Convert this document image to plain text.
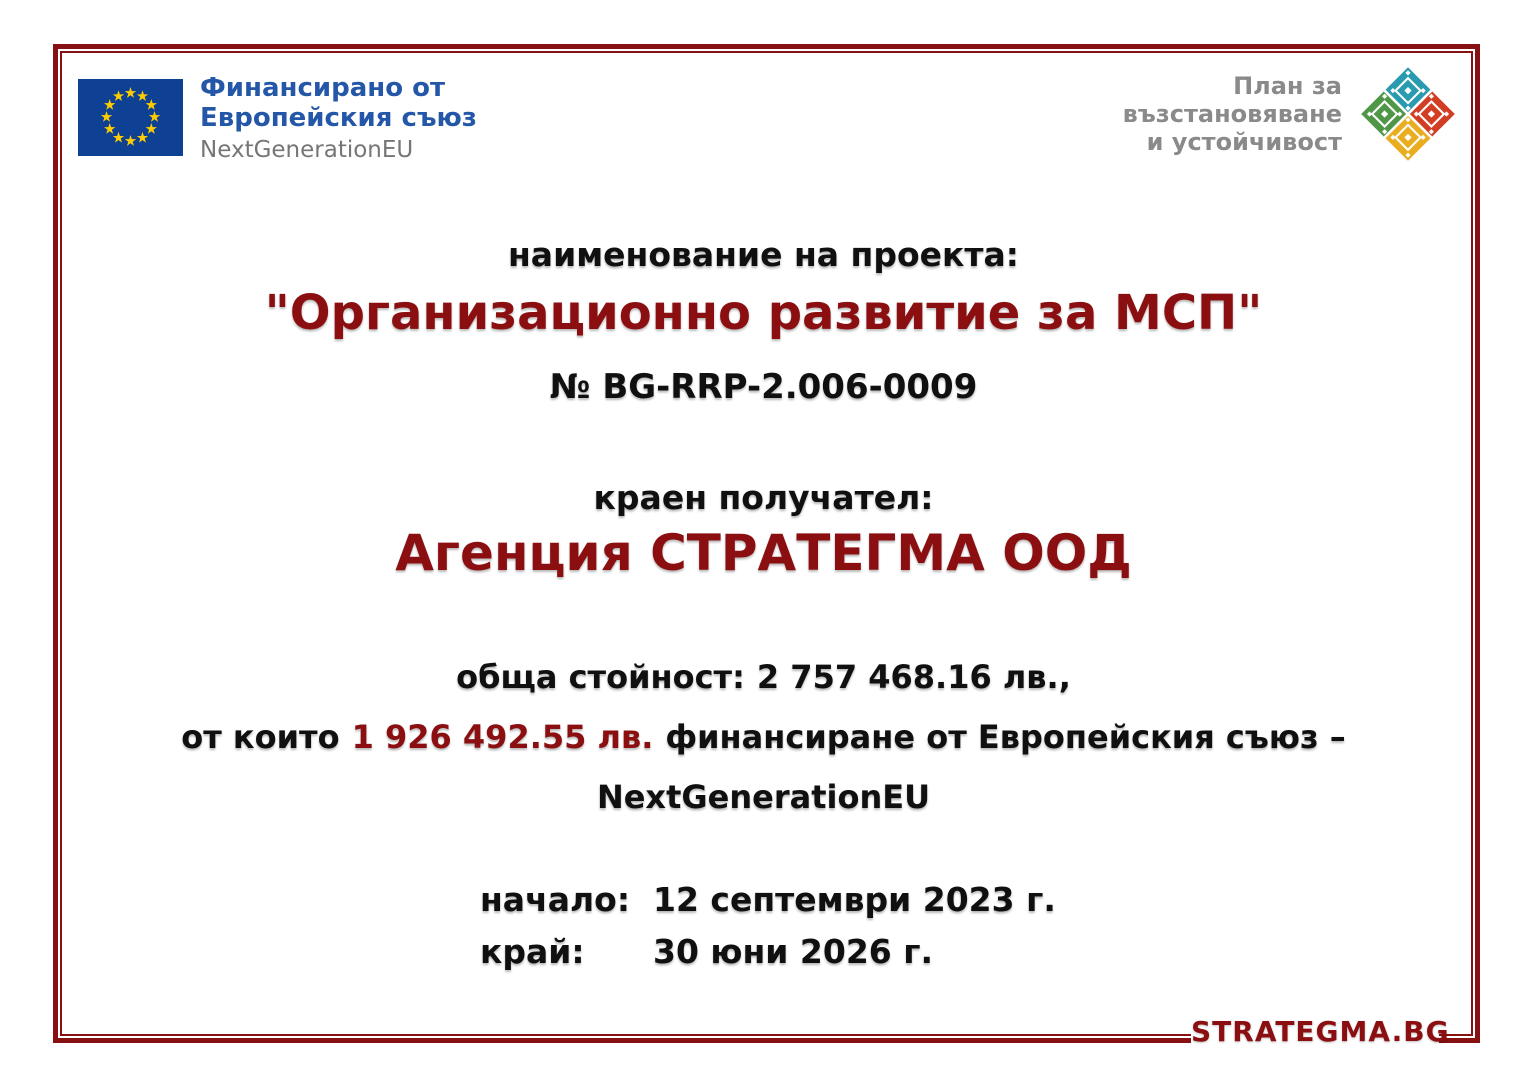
Финансирано от
Европейския съюз
NextGenerationEU
План за
възстановяване
и устойчивост
наименование на проекта:
"Организационно развитие за МСП"
№ BG-RRP-2.006-0009
краен получател:
Агенция СТРАТЕГМА ООД
обща стойност: 2 757 468.16 лв.,
от които 1 926 492.55 лв. финансиране от Европейския съюз –
NextGenerationEU
начало: 12 септември 2023 г.
край:	30 юни 2026 г.
STRATEGMA.BG
